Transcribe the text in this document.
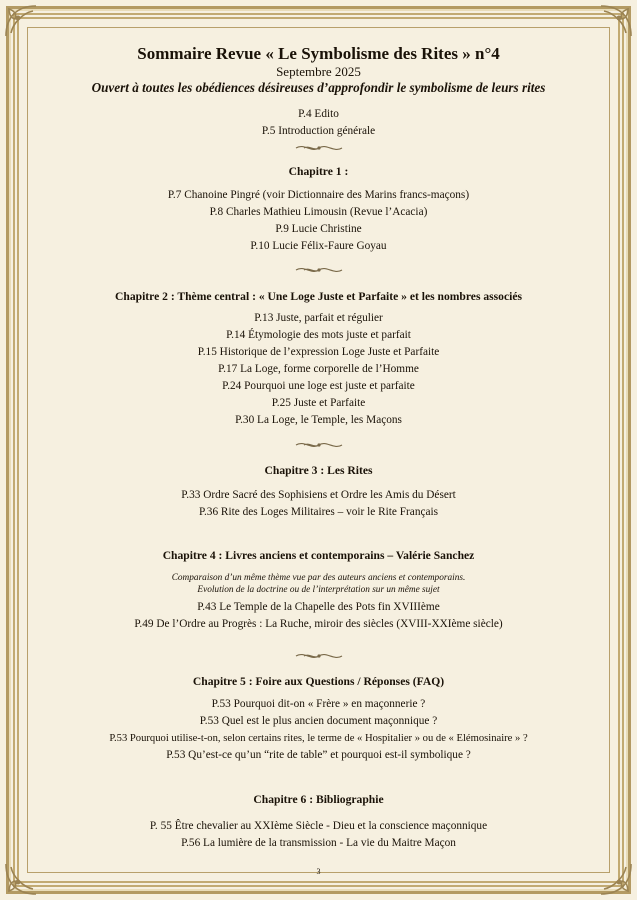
Sommaire Revue « Le Symbolisme des Rites » n°4
Septembre 2025
Ouvert à toutes les obédiences désireuses d’approfondir le symbolisme de leurs rites
P.4 Edito
P.5 Introduction générale
Chapitre 1 :
P.7 Chanoine Pingré (voir Dictionnaire des Marins francs-maçons)
P.8 Charles Mathieu Limousin (Revue l’Acacia)
P.9 Lucie Christine
P.10 Lucie Félix-Faure Goyau
Chapitre 2 : Thème central : « Une Loge Juste et Parfaite » et les nombres associés
P.13 Juste, parfait et régulier
P.14 Étymologie des mots juste et parfait
P.15 Historique de l’expression Loge Juste et Parfaite
P.17 La Loge, forme corporelle de l’Homme
P.24 Pourquoi une loge est juste et parfaite
P.25 Juste et Parfaite
P.30 La Loge, le Temple, les Maçons
Chapitre 3 : Les Rites
P.33 Ordre Sacré des Sophisiens et Ordre les Amis du Désert
P.36 Rite des Loges Militaires – voir le Rite Français
Chapitre 4 : Livres anciens et contemporains – Valérie Sanchez
Comparaison d’un même thème vue par des auteurs anciens et contemporains.
Evolution de la doctrine ou de l’interprétation sur un même sujet
P.43 Le Temple de la Chapelle des Pots fin XVIIIème
P.49 De l’Ordre au Progrès : La Ruche, miroir des siècles (XVIII-XXIème siècle)
Chapitre 5 : Foire aux Questions / Réponses (FAQ)
P.53 Pourquoi dit-on « Frère » en maçonnerie ?
P.53 Quel est le plus ancien document maçonnique ?
P.53 Pourquoi utilise-t-on, selon certains rites, le terme de « Hospitalier » ou de « Elémosinaire » ?
P.53 Qu’est-ce qu’un “rite de table” et pourquoi est-il symbolique ?
Chapitre 6 : Bibliographie
P. 55 Être chevalier au XXIème Siècle - Dieu et la conscience maçonnique
P.56 La lumière de la transmission - La vie du Maitre Maçon
3
